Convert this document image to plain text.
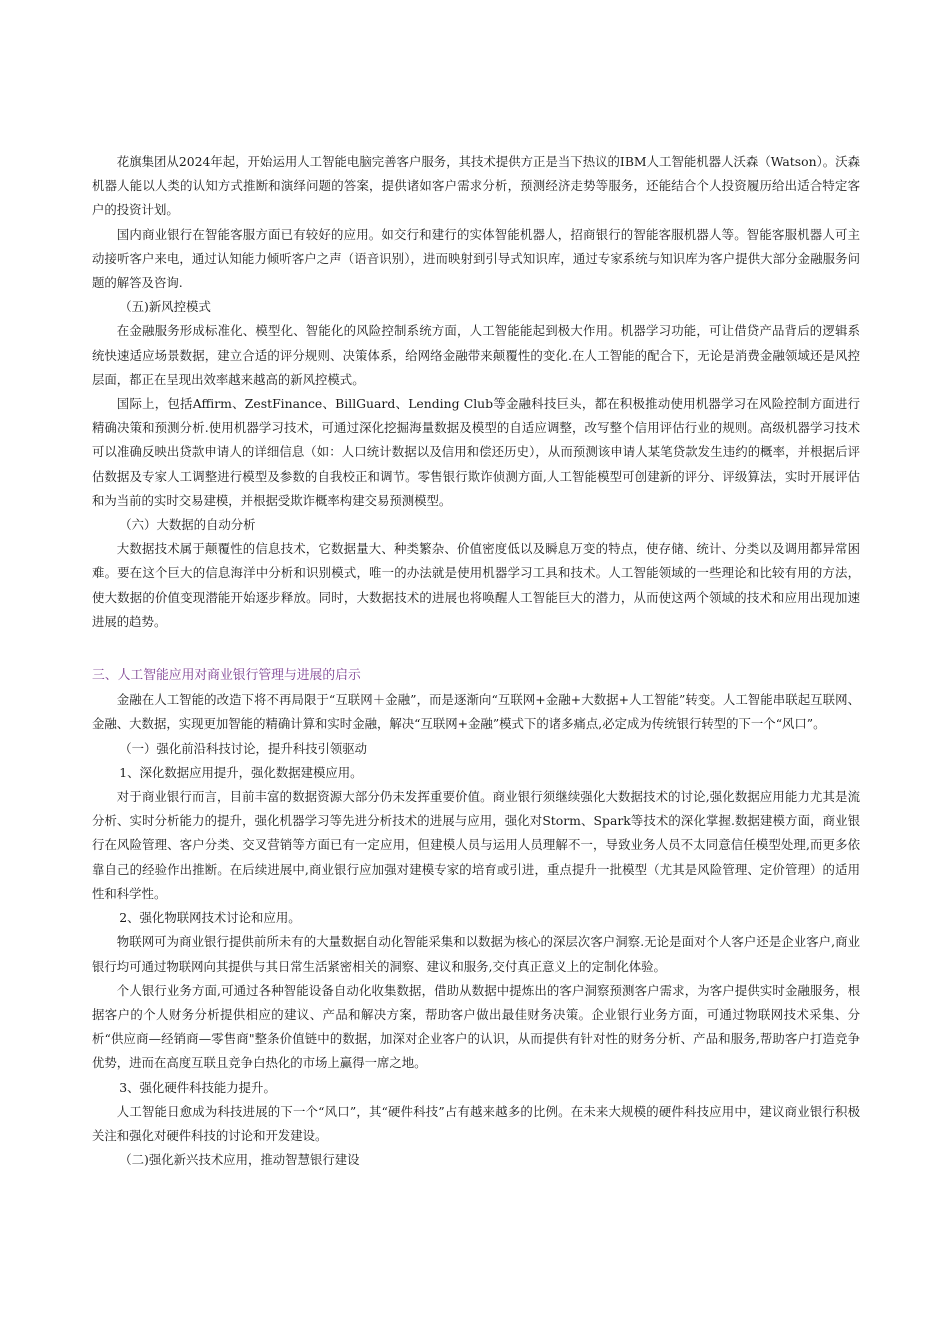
花旗集团从2024年起，开始运用人工智能电脑完善客户服务，其技术提供方正是当下热议的IBM人工智能机器人沃森（Watson）。沃森机器人能以人类的认知方式推断和演绎问题的答案，提供诸如客户需求分析，预测经济走势等服务，还能结合个人投资履历给出适合特定客户的投资计划。

国内商业银行在智能客服方面已有较好的应用。如交行和建行的实体智能机器人，招商银行的智能客服机器人等。智能客服机器人可主动接听客户来电，通过认知能力倾听客户之声（语音识别），进而映射到引导式知识库，通过专家系统与知识库为客户提供大部分金融服务问题的解答及咨询.

（五)新风控模式

在金融服务形成标准化、模型化、智能化的风险控制系统方面，人工智能能起到极大作用。机器学习功能，可让借贷产品背后的逻辑系统快速适应场景数据，建立合适的评分规则、决策体系，给网络金融带来颠覆性的变化.在人工智能的配合下，无论是消费金融领域还是风控层面，都正在呈现出效率越来越高的新风控模式。

国际上，包括Affirm、ZestFinance、BillGuard、Lending Club等金融科技巨头，都在积极推动使用机器学习在风险控制方面进行精确决策和预测分析.使用机器学习技术，可通过深化挖掘海量数据及模型的自适应调整，改写整个信用评估行业的规则。高级机器学习技术可以准确反映出贷款申请人的详细信息（如：人口统计数据以及信用和偿还历史），从而预测该申请人某笔贷款发生违约的概率，并根据后评估数据及专家人工调整进行模型及参数的自我校正和调节。零售银行欺诈侦测方面,人工智能模型可创建新的评分、评级算法，实时开展评估和为当前的实时交易建模，并根据受欺诈概率构建交易预测模型。

（六）大数据的自动分析

大数据技术属于颠覆性的信息技术，它数据量大、种类繁杂、价值密度低以及瞬息万变的特点，使存储、统计、分类以及调用都异常困难。要在这个巨大的信息海洋中分析和识别模式，唯一的办法就是使用机器学习工具和技术。人工智能领域的一些理论和比较有用的方法，使大数据的价值变现潜能开始逐步释放。同时，大数据技术的进展也将唤醒人工智能巨大的潜力，从而使这两个领域的技术和应用出现加速进展的趋势。

三、人工智能应用对商业银行管理与进展的启示

金融在人工智能的改造下将不再局限于“互联网＋金融”，而是逐渐向“互联网+金融+大数据+人工智能”转变。人工智能串联起互联网、金融、大数据，实现更加智能的精确计算和实时金融，解决“互联网+金融”模式下的诸多痛点,必定成为传统银行转型的下一个“风口”。

（一）强化前沿科技讨论，提升科技引领驱动

1、深化数据应用提升，强化数据建模应用。

对于商业银行而言，目前丰富的数据资源大部分仍未发挥重要价值。商业银行须继续强化大数据技术的讨论,强化数据应用能力尤其是流分析、实时分析能力的提升，强化机器学习等先进分析技术的进展与应用，强化对Storm、Spark等技术的深化掌握.数据建模方面，商业银行在风险管理、客户分类、交叉营销等方面已有一定应用，但建模人员与运用人员理解不一，导致业务人员不太同意信任模型处理,而更多依靠自己的经验作出推断。在后续进展中,商业银行应加强对建模专家的培育或引进，重点提升一批模型（尤其是风险管理、定价管理）的适用性和科学性。

2、强化物联网技术讨论和应用。

物联网可为商业银行提供前所未有的大量数据自动化智能采集和以数据为核心的深层次客户洞察.无论是面对个人客户还是企业客户,商业银行均可通过物联网向其提供与其日常生活紧密相关的洞察、建议和服务,交付真正意义上的定制化体验。

个人银行业务方面,可通过各种智能设备自动化收集数据，借助从数据中提炼出的客户洞察预测客户需求，为客户提供实时金融服务，根据客户的个人财务分析提供相应的建议、产品和解决方案，帮助客户做出最佳财务决策。企业银行业务方面，可通过物联网技术采集、分析“供应商—经销商—零售商"整条价值链中的数据，加深对企业客户的认识，从而提供有针对性的财务分析、产品和服务,帮助客户打造竞争优势，进而在高度互联且竞争白热化的市场上赢得一席之地。

3、强化硬件科技能力提升。

人工智能日愈成为科技进展的下一个“风口”，其“硬件科技”占有越来越多的比例。在未来大规模的硬件科技应用中，建议商业银行积极关注和强化对硬件科技的讨论和开发建设。

（二)强化新兴技术应用，推动智慧银行建设
